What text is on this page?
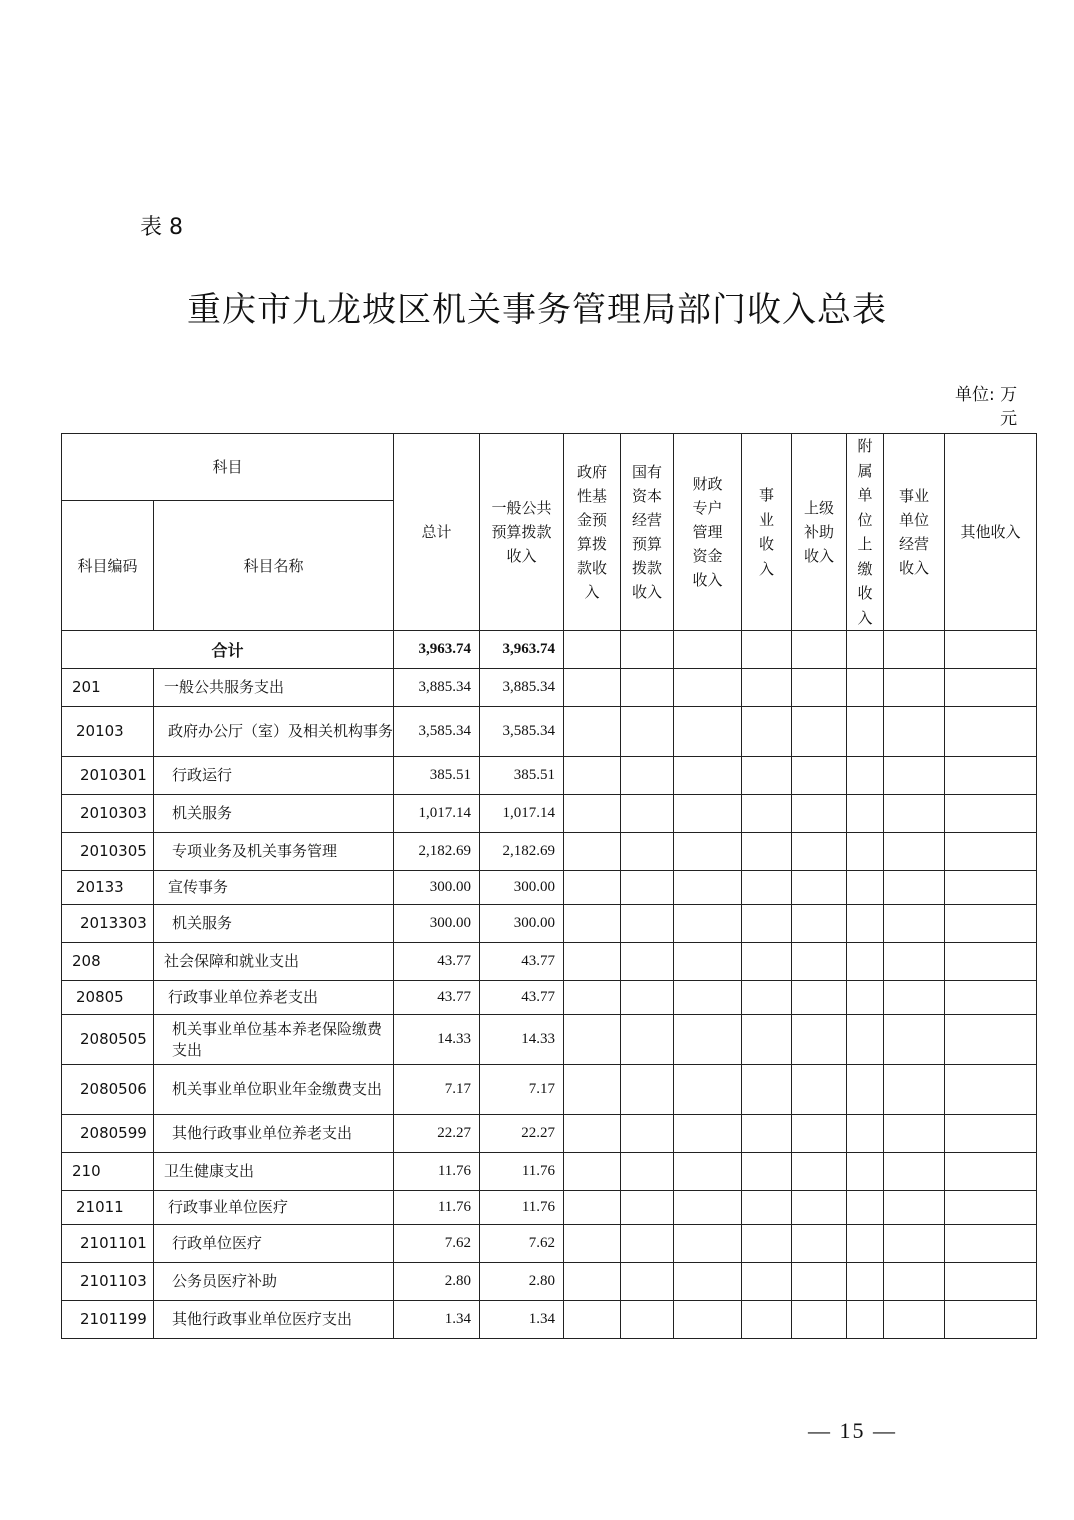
表 8
重庆市九龙坡区机关事务管理局部门收入总表
单位: 万元
科目		总计	一般公共预算拨款收入	政府性基金预算拨款收入	国有资本经营预算拨款收入	财政专户管理资金收入	事业收入	上级补助收入	附属单位上缴收入	事业单位经营收入	其他收入
科目编码	科目名称										
合计		3,963.74	3,963.74								
201	一般公共服务支出	3,885.34	3,885.34								
20103	政府办公厅（室）及相关机构事务	3,585.34	3,585.34								
2010301	行政运行	385.51	385.51								
2010303	机关服务	1,017.14	1,017.14								
2010305	专项业务及机关事务管理	2,182.69	2,182.69								
20133	宣传事务	300.00	300.00								
2013303	机关服务	300.00	300.00								
208	社会保障和就业支出	43.77	43.77								
20805	行政事业单位养老支出	43.77	43.77								
2080505	机关事业单位基本养老保险缴费支出	14.33	14.33								
2080506	机关事业单位职业年金缴费支出	7.17	7.17								
2080599	其他行政事业单位养老支出	22.27	22.27								
210	卫生健康支出	11.76	11.76								
21011	行政事业单位医疗	11.76	11.76								
2101101	行政单位医疗	7.62	7.62								
2101103	公务员医疗补助	2.80	2.80								
2101199	其他行政事业单位医疗支出	1.34	1.34								
— 15 —
